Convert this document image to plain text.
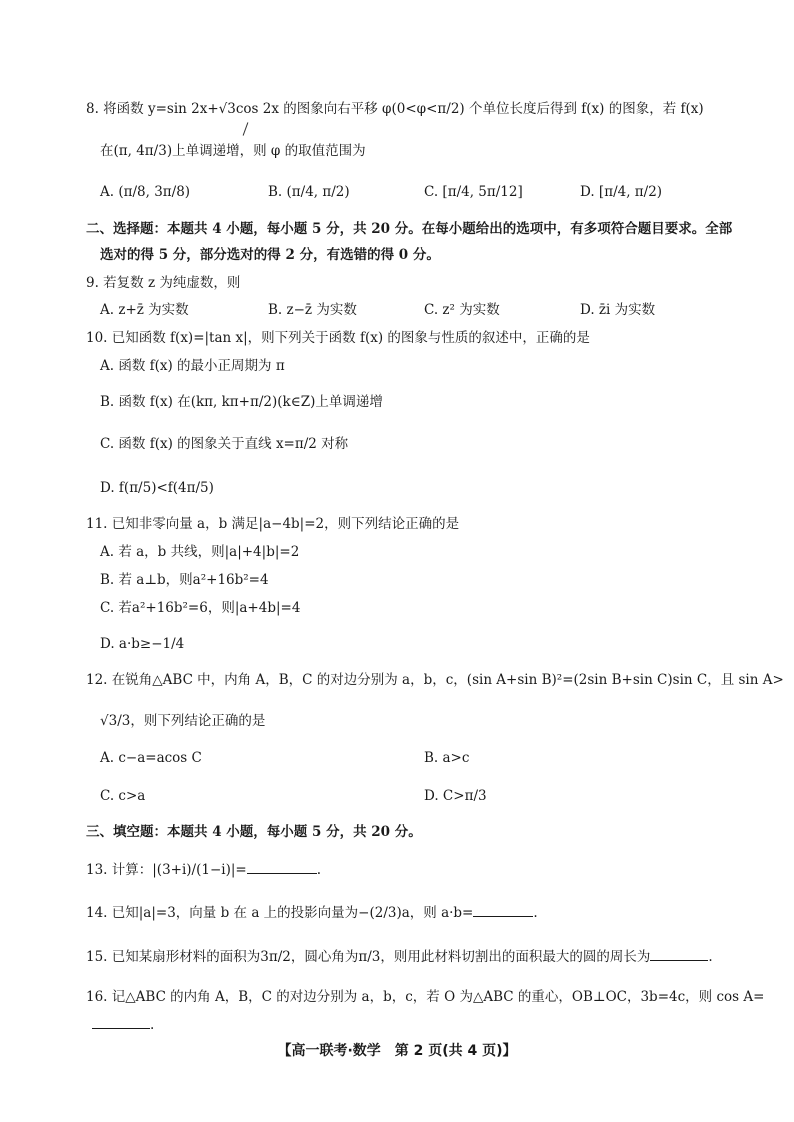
8. 将函数 y=sin 2x+√3cos 2x 的图象向右平移 φ(0<φ<π/2) 个单位长度后得到 f(x) 的图象，若 f(x)
在(π, 4π/3)上单调递增，则 φ 的取值范围为
A. (π/8, 3π/8)	B. (π/4, π/2)	C. [π/4, 5π/12]	D. [π/4, π/2)
二、选择题：本题共 4 小题，每小题 5 分，共 20 分。在每小题给出的选项中，有多项符合题目要求。全部
选对的得 5 分，部分选对的得 2 分，有选错的得 0 分。
9. 若复数 z 为纯虚数，则
A. z+z̄ 为实数	B. z−z̄ 为实数	C. z² 为实数	D. z̄i 为实数
10. 已知函数 f(x)=|tan x|，则下列关于函数 f(x) 的图象与性质的叙述中，正确的是
A. 函数 f(x) 的最小正周期为 π
B. 函数 f(x) 在(kπ, kπ+π/2)(k∈Z)上单调递增
C. 函数 f(x) 的图象关于直线 x=π/2 对称
D. f(π/5)<f(4π/5)
11. 已知非零向量 a，b 满足|a−4b|=2，则下列结论正确的是
A. 若 a，b 共线，则|a|+4|b|=2
B. 若 a⊥b，则a²+16b²=4
C. 若a²+16b²=6，则|a+4b|=4
D. a·b≥−1/4
12. 在锐角△ABC 中，内角 A，B，C 的对边分别为 a，b，c，(sin A+sin B)²=(2sin B+sin C)sin C，且 sin A>
√3/3，则下列结论正确的是
A. c−a=acos C	B. a>c
C. c>a	D. C>π/3
三、填空题：本题共 4 小题，每小题 5 分，共 20 分。
13. 计算：|(3+i)/(1−i)|=	.
14. 已知|a|=3，向量 b 在 a 上的投影向量为−(2/3)a，则 a·b=	.
15. 已知某扇形材料的面积为3π/2，圆心角为π/3，则用此材料切割出的面积最大的圆的周长为	.
16. 记△ABC 的内角 A，B，C 的对边分别为 a，b，c，若 O 为△ABC 的重心，OB⊥OC，3b=4c，则 cos A=
.
【高一联考·数学　第 2 页(共 4 页)】
